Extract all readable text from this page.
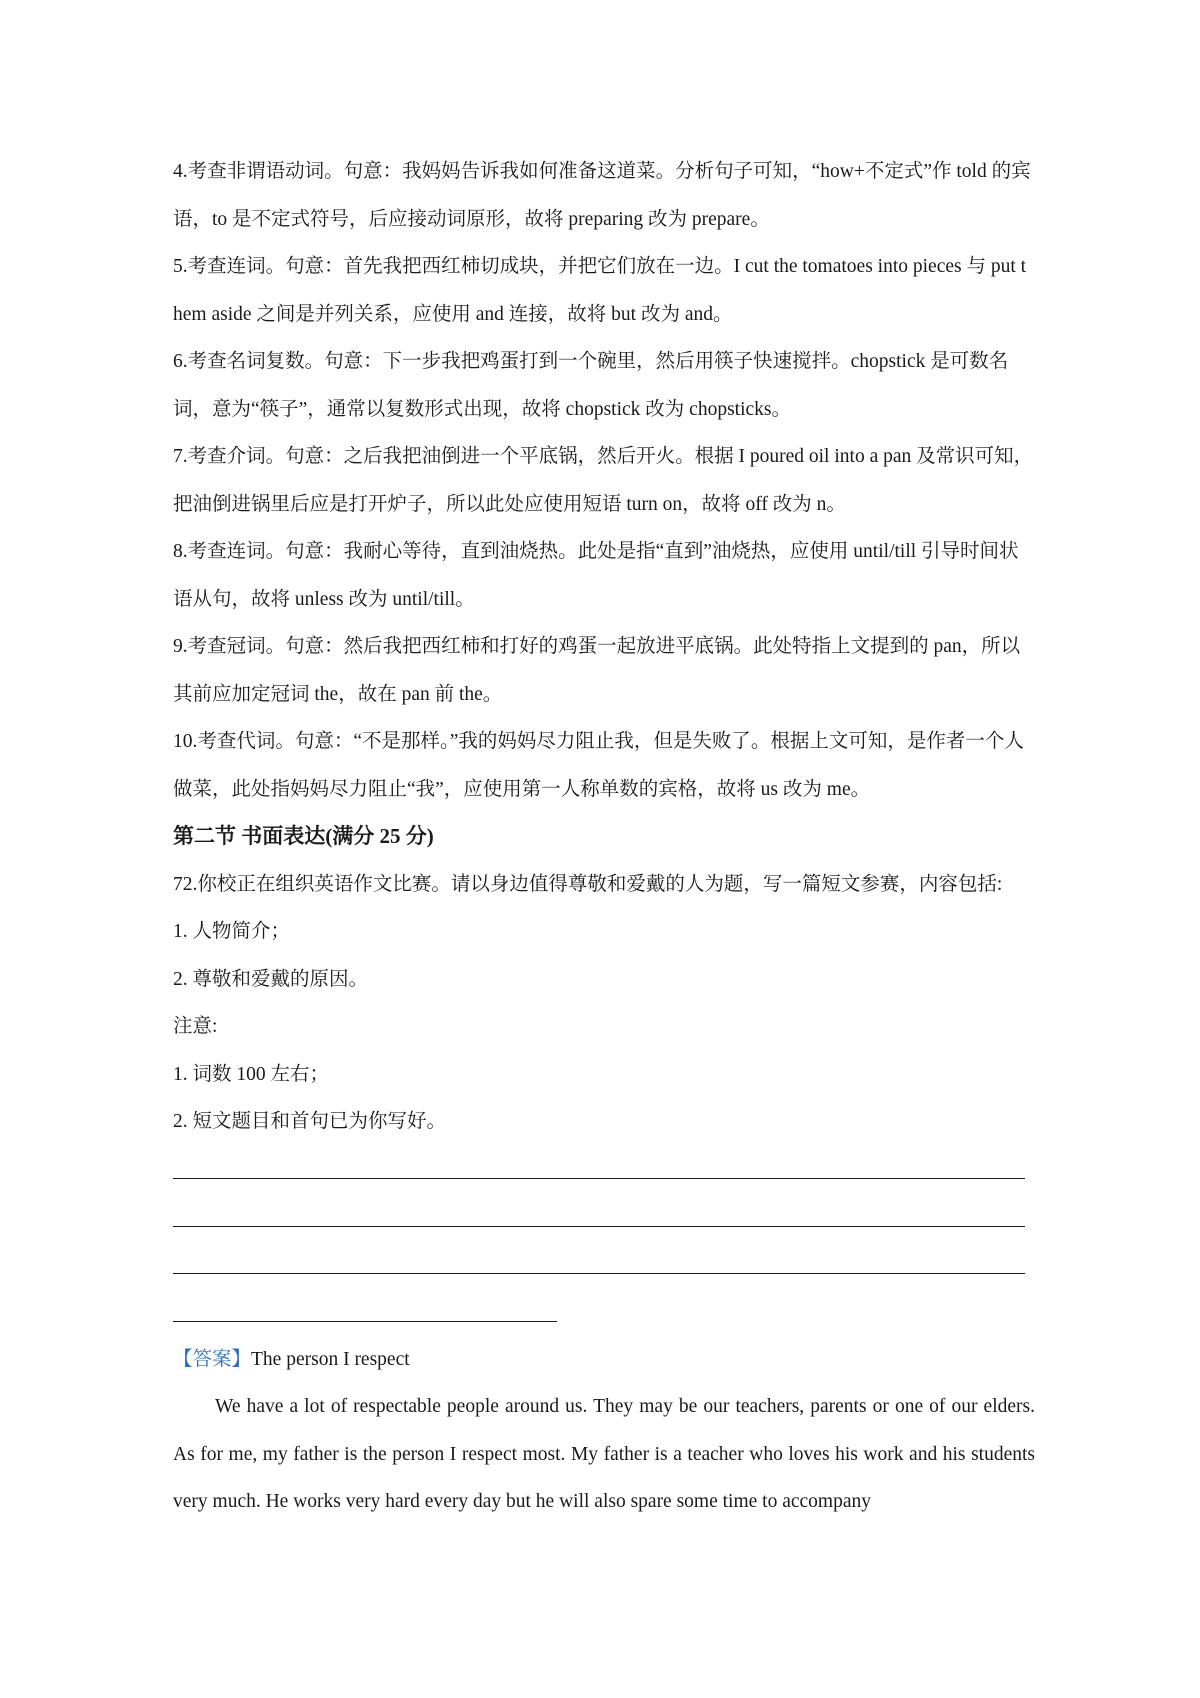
4.考查非谓语动词。句意：我妈妈告诉我如何准备这道菜。分析句子可知，“how+不定式”作 told 的宾语，to 是不定式符号，后应接动词原形，故将 preparing 改为 prepare。

5.考查连词。句意：首先我把西红柿切成块，并把它们放在一边。I cut the tomatoes into pieces 与 put them aside 之间是并列关系，应使用 and 连接，故将 but 改为 and。

6.考查名词复数。句意：下一步我把鸡蛋打到一个碗里，然后用筷子快速搅拌。chopstick 是可数名词，意为“筷子”，通常以复数形式出现，故将 chopstick 改为 chopsticks。

7.考查介词。句意：之后我把油倒进一个平底锅，然后开火。根据 I poured oil into a pan 及常识可知，把油倒进锅里后应是打开炉子，所以此处应使用短语 turn on，故将 off 改为 n。

8.考查连词。句意：我耐心等待，直到油烧热。此处是指“直到”油烧热，应使用 until/till 引导时间状语从句，故将 unless 改为 until/till。

9.考查冠词。句意：然后我把西红柿和打好的鸡蛋一起放进平底锅。此处特指上文提到的 pan，所以其前应加定冠词 the，故在 pan 前 the。

10.考查代词。句意：“不是那样。”我的妈妈尽力阻止我，但是失败了。根据上文可知，是作者一个人做菜，此处指妈妈尽力阻止“我”，应使用第一人称单数的宾格，故将 us 改为 me。

第二节 书面表达(满分 25 分)

72.你校正在组织英语作文比赛。请以身边值得尊敬和爱戴的人为题，写一篇短文参赛，内容包括:

1. 人物简介；

2. 尊敬和爱戴的原因。

注意:

1. 词数 100 左右；

2. 短文题目和首句已为你写好。

【答案】The person I respect

We have a lot of respectable people around us. They may be our teachers, parents or one of our elders. As for me, my father is the person I respect most. My father is a teacher who loves his work and his students very much. He works very hard every day but he will also spare some time to accompany
